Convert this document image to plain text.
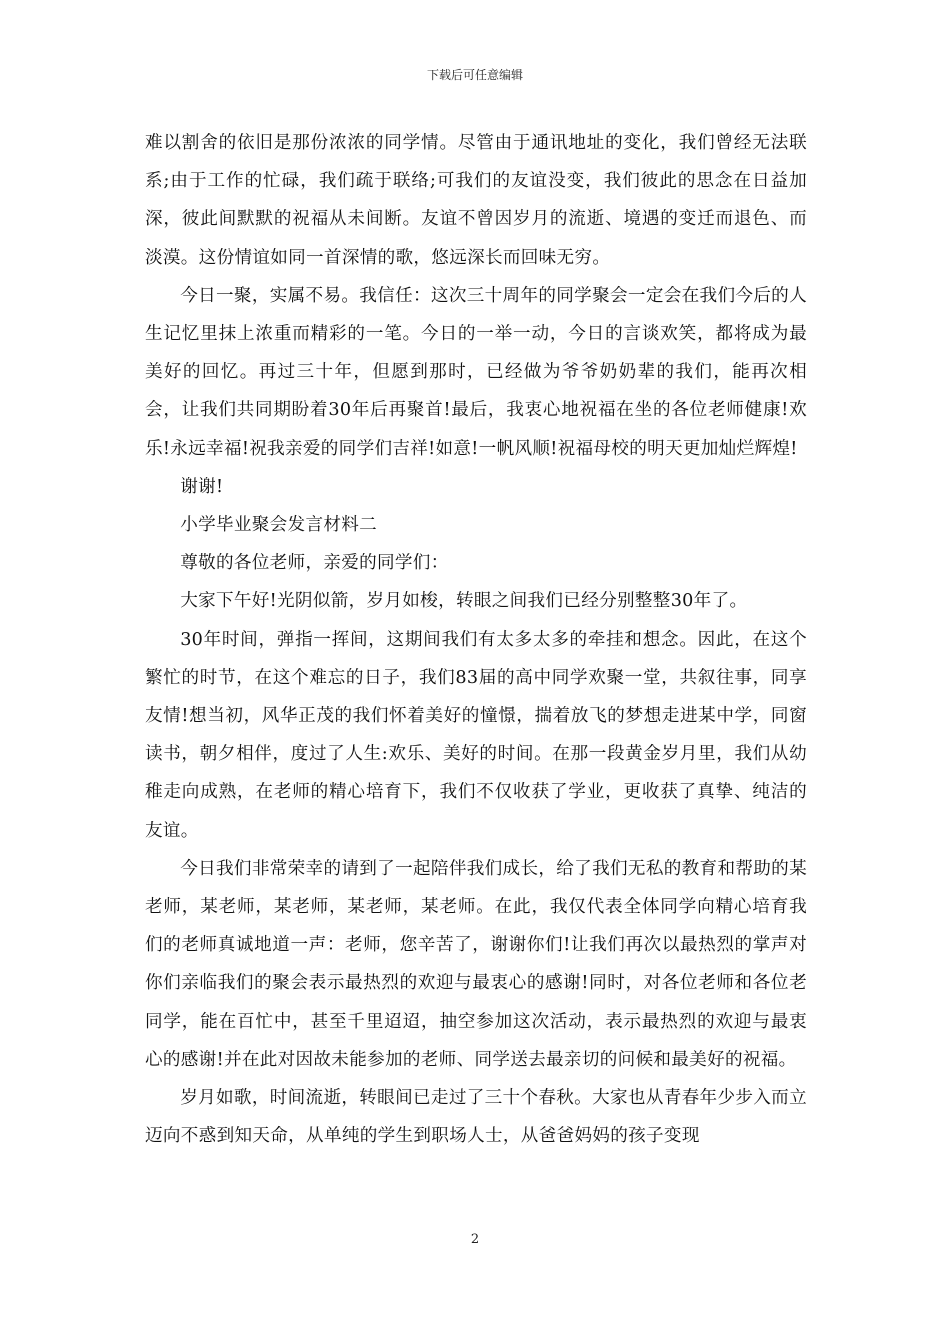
下载后可任意编辑

难以割舍的依旧是那份浓浓的同学情。尽管由于通讯地址的变化，我们曾经无法联系;由于工作的忙碌，我们疏于联络;可我们的友谊没变，我们彼此的思念在日益加深，彼此间默默的祝福从未间断。友谊不曾因岁月的流逝、境遇的变迁而退色、而淡漠。这份情谊如同一首深情的歌，悠远深长而回味无穷。

今日一聚，实属不易。我信任：这次三十周年的同学聚会一定会在我们今后的人生记忆里抹上浓重而精彩的一笔。今日的一举一动，今日的言谈欢笑，都将成为最美好的回忆。再过三十年，但愿到那时，已经做为爷爷奶奶辈的我们，能再次相会，让我们共同期盼着30年后再聚首!最后，我衷心地祝福在坐的各位老师健康!欢乐!永远幸福!祝我亲爱的同学们吉祥!如意!一帆风顺!祝福母校的明天更加灿烂辉煌!

谢谢!

小学毕业聚会发言材料二

尊敬的各位老师，亲爱的同学们：

大家下午好!光阴似箭，岁月如梭，转眼之间我们已经分别整整30年了。

30年时间，弹指一挥间，这期间我们有太多太多的牵挂和想念。因此，在这个繁忙的时节，在这个难忘的日子，我们83届的高中同学欢聚一堂，共叙往事，同享友情!想当初，风华正茂的我们怀着美好的憧憬，揣着放飞的梦想走进某中学，同窗读书，朝夕相伴，度过了人生:欢乐、美好的时间。在那一段黄金岁月里，我们从幼稚走向成熟，在老师的精心培育下，我们不仅收获了学业，更收获了真挚、纯洁的友谊。

今日我们非常荣幸的请到了一起陪伴我们成长，给了我们无私的教育和帮助的某老师，某老师，某老师，某老师，某老师。在此，我仅代表全体同学向精心培育我们的老师真诚地道一声：老师，您辛苦了，谢谢你们!让我们再次以最热烈的掌声对你们亲临我们的聚会表示最热烈的欢迎与最衷心的感谢!同时，对各位老师和各位老同学，能在百忙中，甚至千里迢迢，抽空参加这次活动，表示最热烈的欢迎与最衷心的感谢!并在此对因故未能参加的老师、同学送去最亲切的问候和最美好的祝福。

岁月如歌，时间流逝，转眼间已走过了三十个春秋。大家也从青春年少步入而立迈向不惑到知天命，从单纯的学生到职场人士，从爸爸妈妈的孩子变现

2
